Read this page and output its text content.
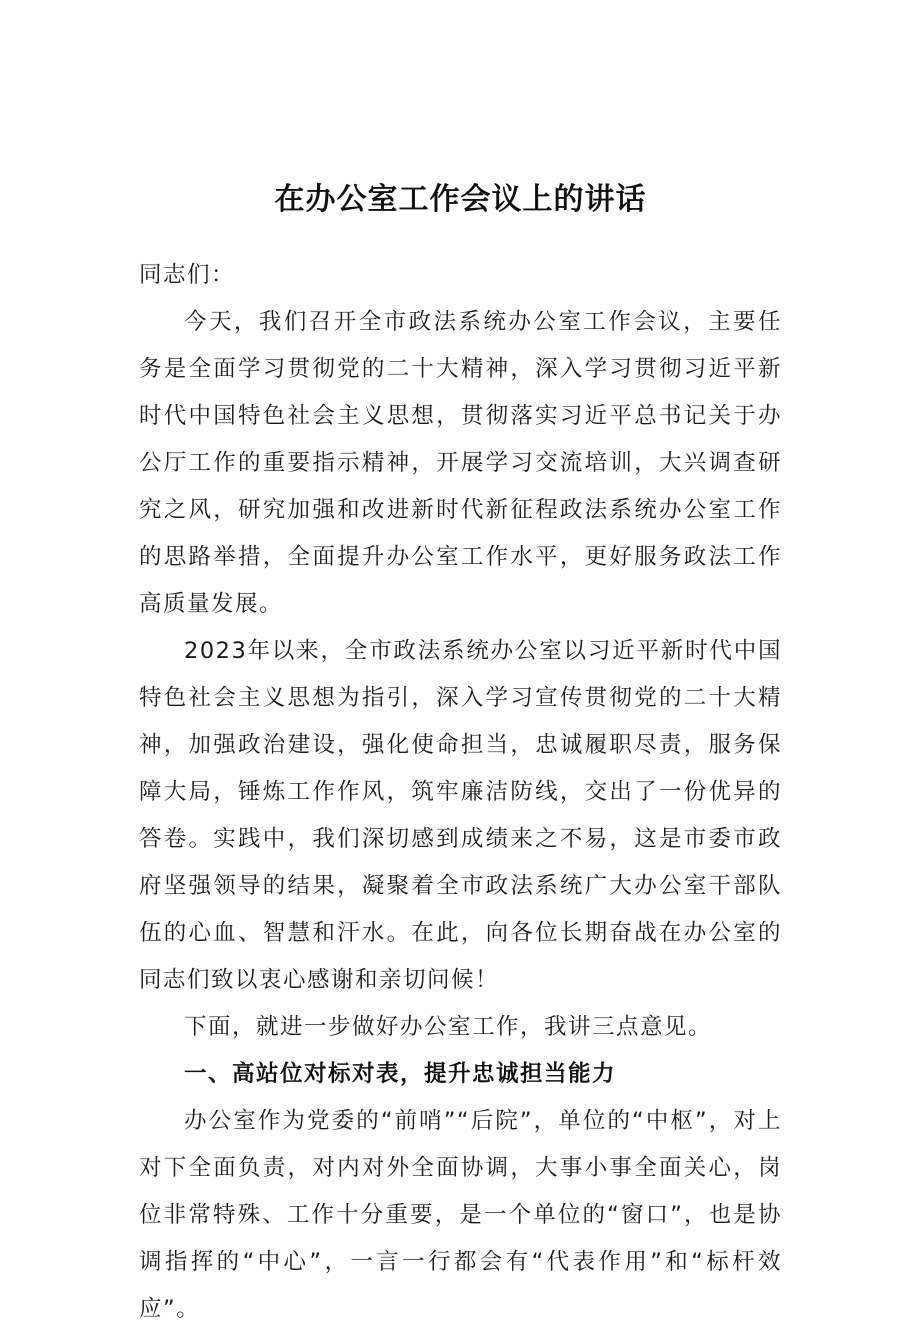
在办公室工作会议上的讲话

同志们：

今天，我们召开全市政法系统办公室工作会议，主要任务是全面学习贯彻党的二十大精神，深入学习贯彻习近平新时代中国特色社会主义思想，贯彻落实习近平总书记关于办公厅工作的重要指示精神，开展学习交流培训，大兴调查研究之风，研究加强和改进新时代新征程政法系统办公室工作的思路举措，全面提升办公室工作水平，更好服务政法工作高质量发展。

2023年以来，全市政法系统办公室以习近平新时代中国特色社会主义思想为指引，深入学习宣传贯彻党的二十大精神，加强政治建设，强化使命担当，忠诚履职尽责，服务保障大局，锤炼工作作风，筑牢廉洁防线，交出了一份优异的答卷。实践中，我们深切感到成绩来之不易，这是市委市政府坚强领导的结果，凝聚着全市政法系统广大办公室干部队伍的心血、智慧和汗水。在此，向各位长期奋战在办公室的同志们致以衷心感谢和亲切问候！

下面，就进一步做好办公室工作，我讲三点意见。

一、高站位对标对表，提升忠诚担当能力

办公室作为党委的“前哨”“后院”，单位的“中枢”，对上对下全面负责，对内对外全面协调，大事小事全面关心，岗位非常特殊、工作十分重要，是一个单位的“窗口”，也是协调指挥的“中心”，一言一行都会有“代表作用”和“标杆效应”。
